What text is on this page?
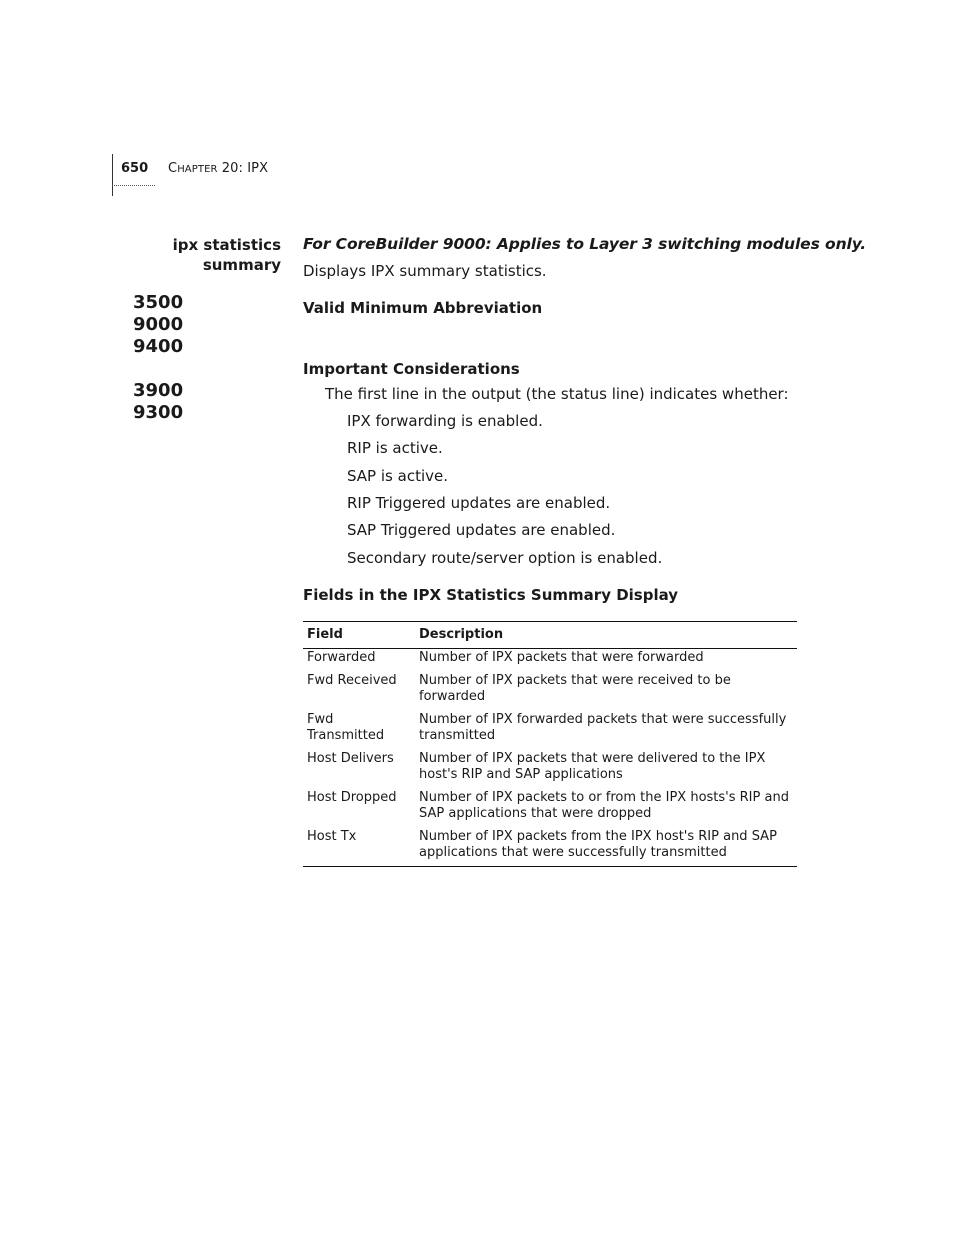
650 CHAPTER 20: IPX
ipx statistics
summary
3500
9000
9400
3900
9300
For CoreBuilder 9000: Applies to Layer 3 switching modules only.
Displays IPX summary statistics.
Valid Minimum Abbreviation
Important Considerations
The first line in the output (the status line) indicates whether:
IPX forwarding is enabled.
RIP is active.
SAP is active.
RIP Triggered updates are enabled.
SAP Triggered updates are enabled.
Secondary route/server option is enabled.
Fields in the IPX Statistics Summary Display
Field	Description
Forwarded	Number of IPX packets that were forwarded
Fwd Received	Number of IPX packets that were received to be forwarded
Fwd Transmitted	Number of IPX forwarded packets that were successfully transmitted
Host Delivers	Number of IPX packets that were delivered to the IPX host's RIP and SAP applications
Host Dropped	Number of IPX packets to or from the IPX hosts's RIP and SAP applications that were dropped
Host Tx	Number of IPX packets from the IPX host's RIP and SAP applications that were successfully transmitted
